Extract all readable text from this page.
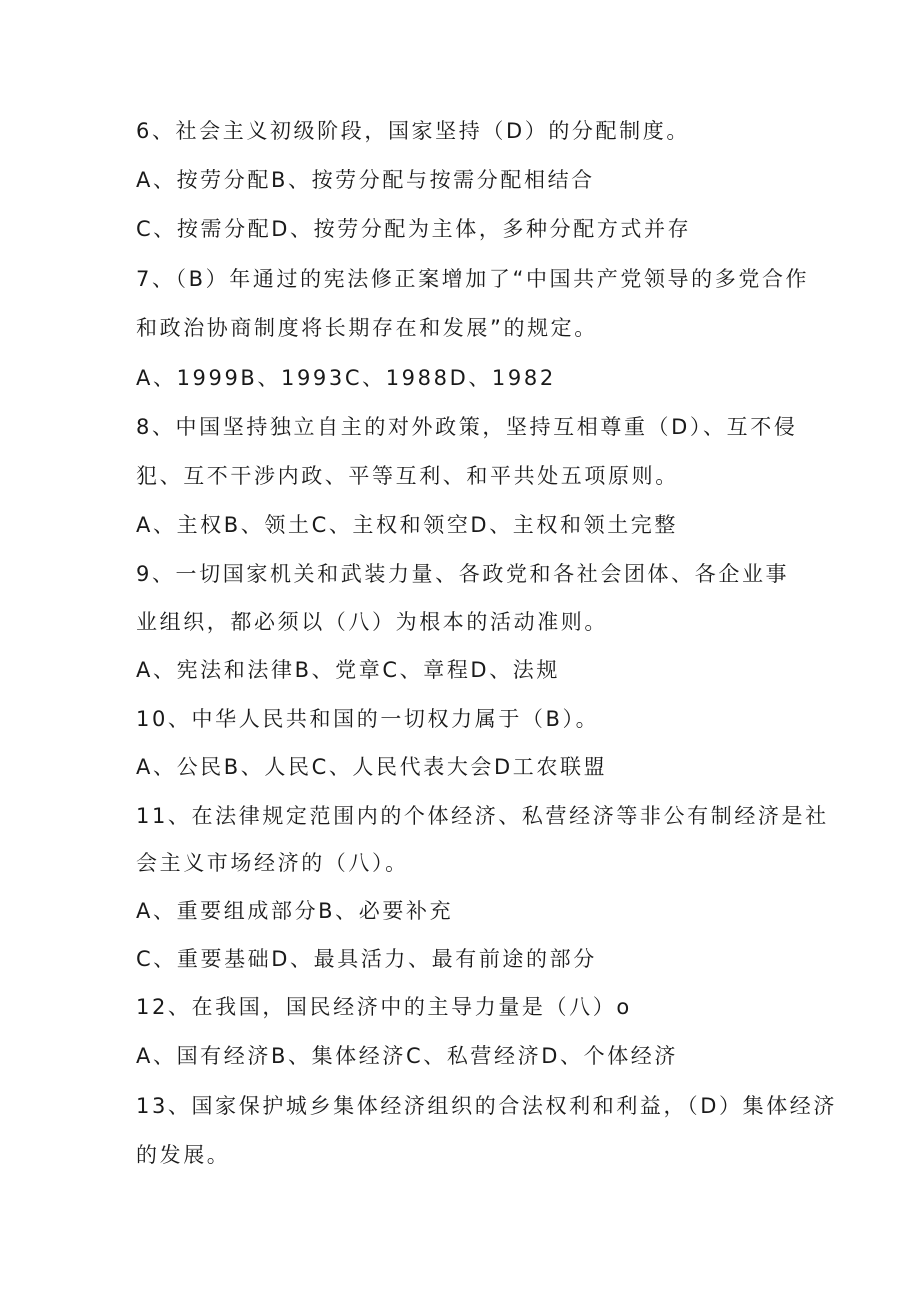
6、社会主义初级阶段，国家坚持（D）的分配制度。
A、按劳分配B、按劳分配与按需分配相结合
C、按需分配D、按劳分配为主体，多种分配方式并存
7、（B）年通过的宪法修正案增加了“中国共产党领导的多党合作
和政治协商制度将长期存在和发展”的规定。
A、1999B、1993C、1988D、1982
8、中国坚持独立自主的对外政策，坚持互相尊重（D）、互不侵
犯、互不干涉内政、平等互利、和平共处五项原则。
A、主权B、领土C、主权和领空D、主权和领土完整
9、一切国家机关和武装力量、各政党和各社会团体、各企业事
业组织，都必须以（八）为根本的活动准则。
A、宪法和法律B、党章C、章程D、法规
10、中华人民共和国的一切权力属于（B）。
A、公民B、人民C、人民代表大会D工农联盟
11、在法律规定范围内的个体经济、私营经济等非公有制经济是社
会主义市场经济的（八）。
A、重要组成部分B、必要补充
C、重要基础D、最具活力、最有前途的部分
12、在我国，国民经济中的主导力量是（八）o
A、国有经济B、集体经济C、私营经济D、个体经济
13、国家保护城乡集体经济组织的合法权利和利益，（D）集体经济
的发展。
